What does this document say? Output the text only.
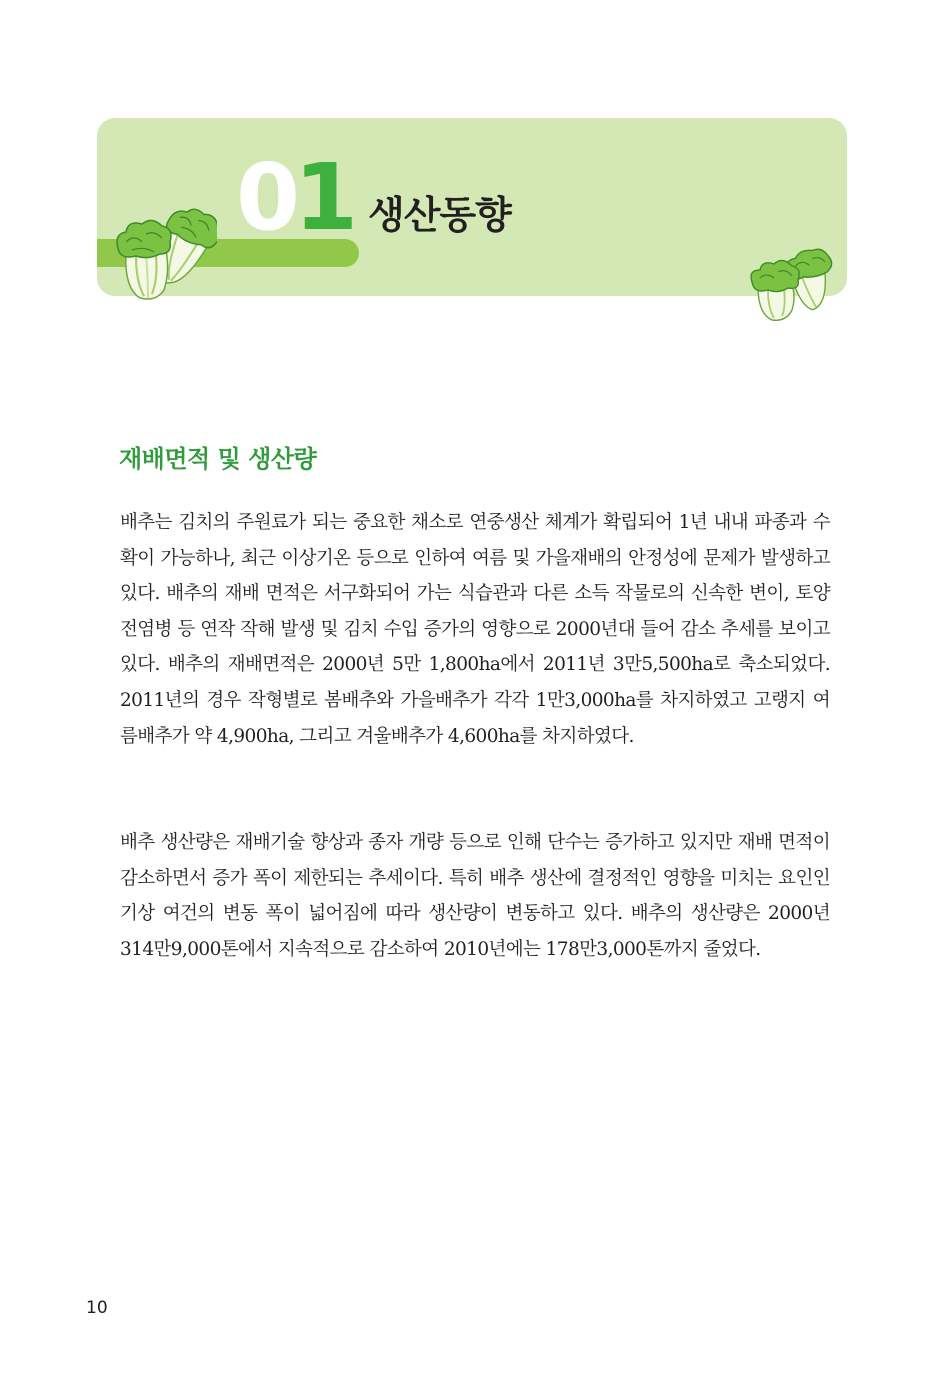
01 생산동향
재배면적 및 생산량

배추는 김치의 주원료가 되는 중요한 채소로 연중생산 체계가 확립되어 1년 내내 파종과 수확이 가능하나, 최근 이상기온 등으로 인하여 여름 및 가을재배의 안정성에 문제가 발생하고 있다. 배추의 재배 면적은 서구화되어 가는 식습관과 다른 소득 작물로의 신속한 변이, 토양전염병 등 연작 작해 발생 및 김치 수입 증가의 영향으로 2000년대 들어 감소 추세를 보이고 있다. 배추의 재배면적은 2000년 5만 1,800ha에서 2011년 3만5,500ha로 축소되었다. 2011년의 경우 작형별로 봄배추와 가을배추가 각각 1만3,000ha를 차지하였고 고랭지 여름배추가 약 4,900ha, 그리고 겨울배추가 4,600ha를 차지하였다.

배추 생산량은 재배기술 향상과 종자 개량 등으로 인해 단수는 증가하고 있지만 재배 면적이 감소하면서 증가 폭이 제한되는 추세이다. 특히 배추 생산에 결정적인 영향을 미치는 요인인 기상 여건의 변동 폭이 넓어짐에 따라 생산량이 변동하고 있다. 배추의 생산량은 2000년 314만9,000톤에서 지속적으로 감소하여 2010년에는 178만3,000톤까지 줄었다.

10
